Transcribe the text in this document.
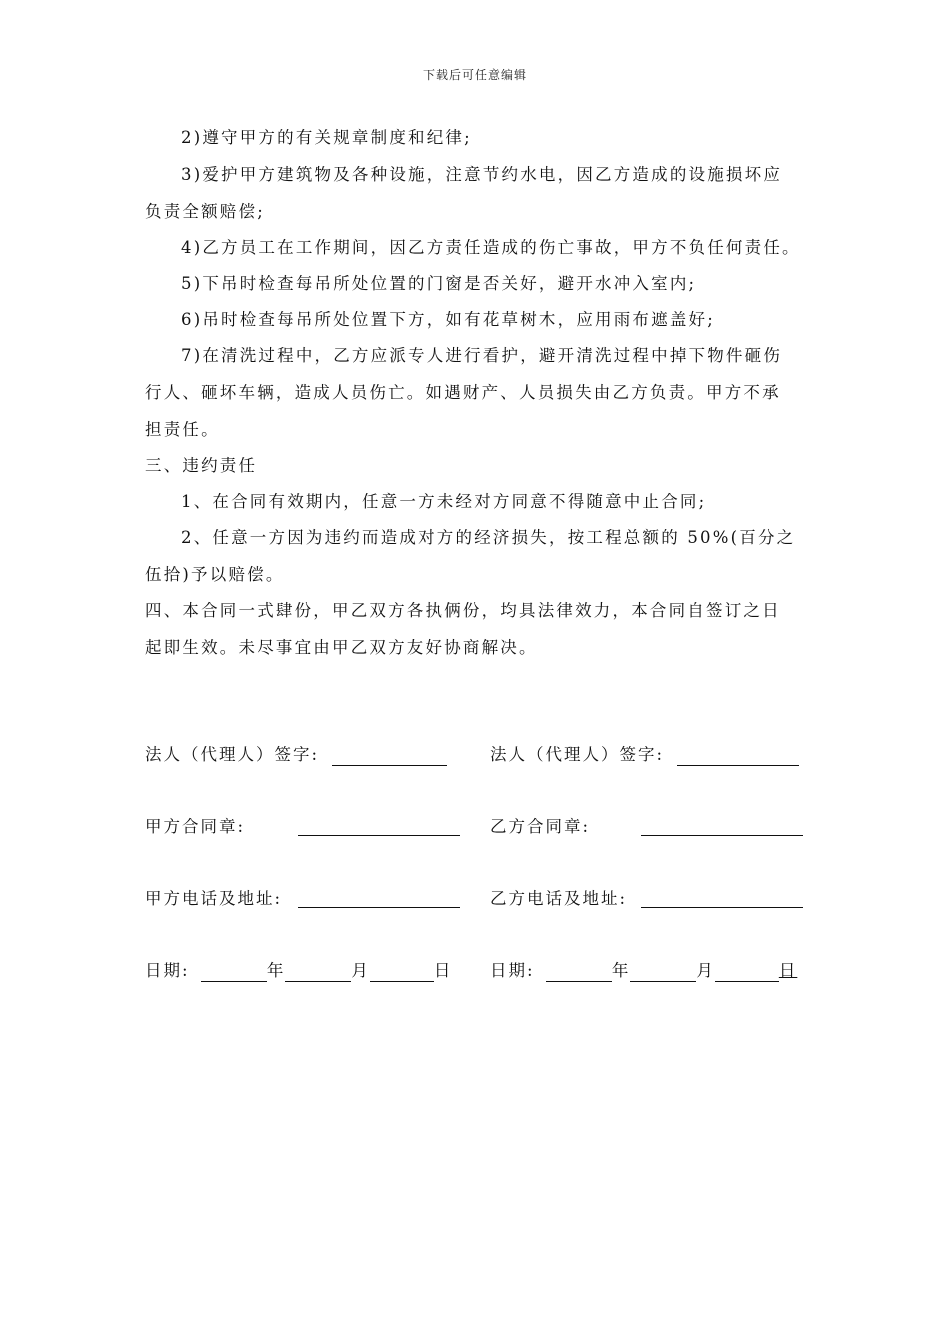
下载后可任意编辑
2)遵守甲方的有关规章制度和纪律;
3)爱护甲方建筑物及各种设施，注意节约水电，因乙方造成的设施损坏应
负责全额赔偿;
4)乙方员工在工作期间，因乙方责任造成的伤亡事故，甲方不负任何责任。
5)下吊时检查每吊所处位置的门窗是否关好，避开水冲入室内;
6)吊时检查每吊所处位置下方，如有花草树木，应用雨布遮盖好;
7)在清洗过程中，乙方应派专人进行看护，避开清洗过程中掉下物件砸伤
行人、砸坏车辆，造成人员伤亡。如遇财产、人员损失由乙方负责。甲方不承
担责任。
三、违约责任
1、在合同有效期内，任意一方未经对方同意不得随意中止合同;
2、任意一方因为违约而造成对方的经济损失，按工程总额的 50%(百分之
伍拾)予以赔偿。
四、本合同一式肆份，甲乙双方各执俩份，均具法律效力，本合同自签订之日
起即生效。未尽事宜由甲乙双方友好协商解决。
法人（代理人）签字:	法人（代理人）签字:
甲方合同章:	乙方合同章:
甲方电话及地址:	乙方电话及地址:
日期:	年	月	日 日期:	年	月	日
